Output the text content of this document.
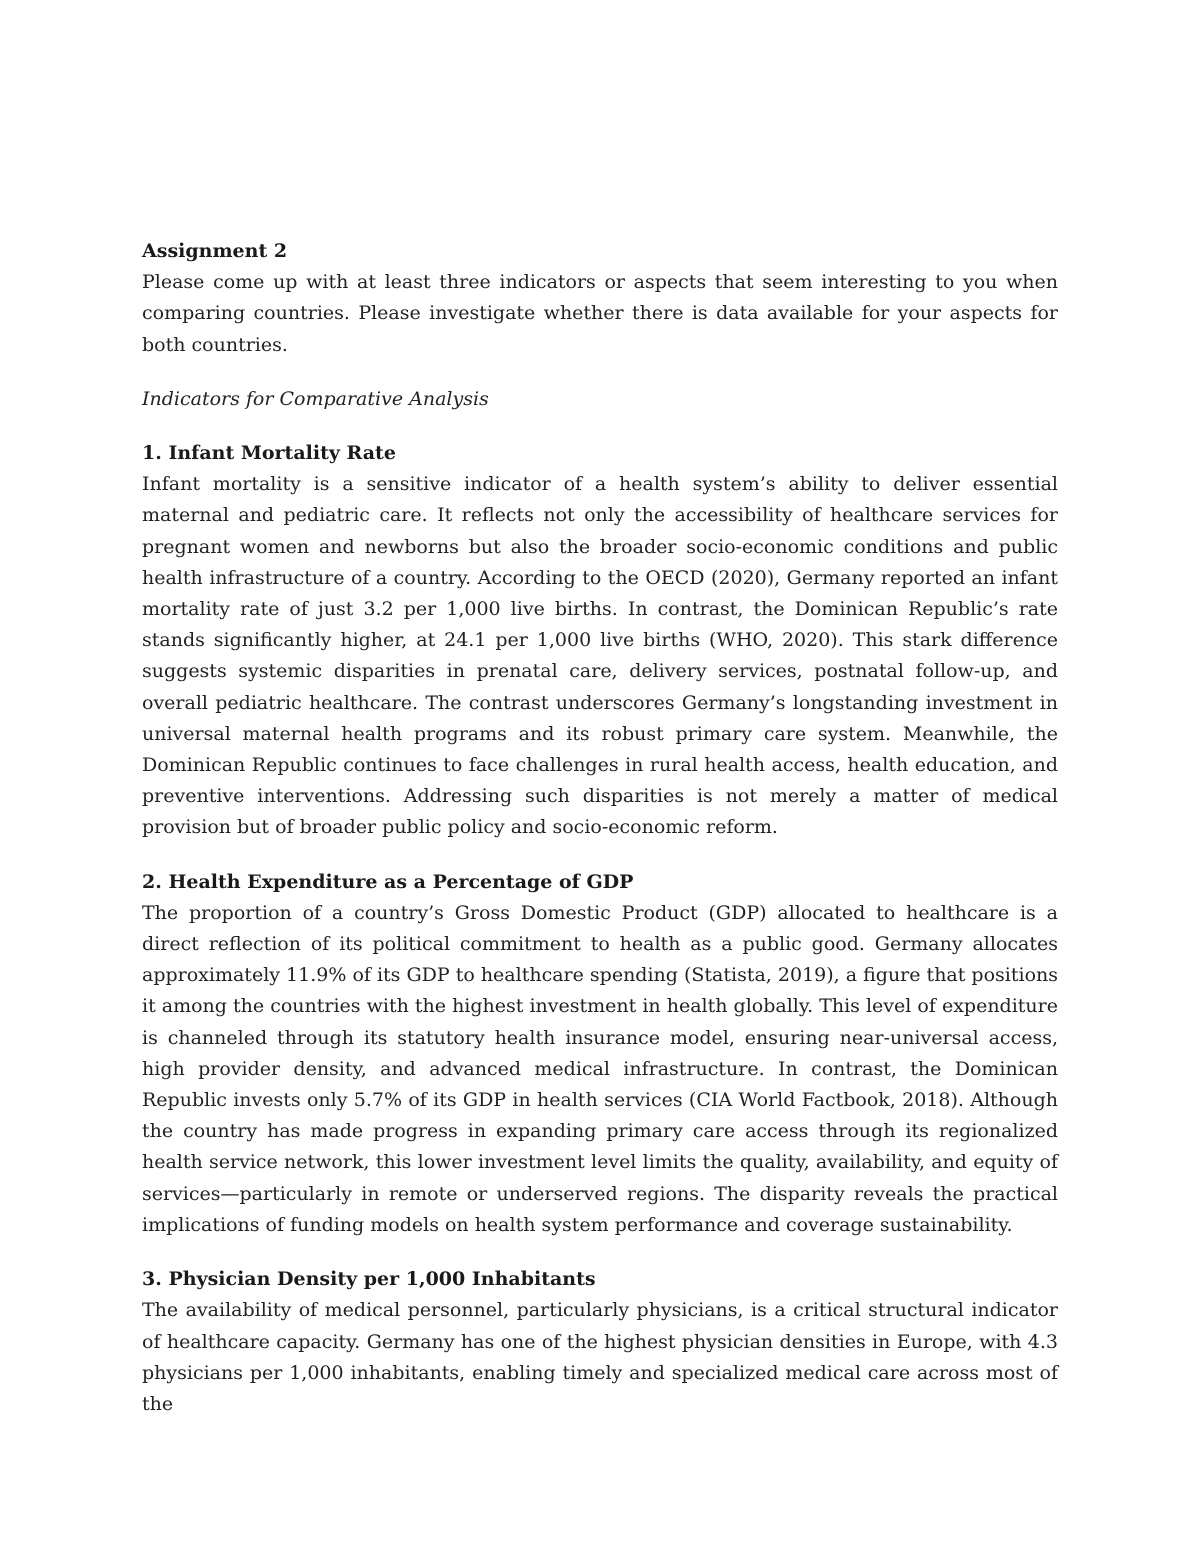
Assignment 2

Please come up with at least three indicators or aspects that seem interesting to you when comparing countries. Please investigate whether there is data available for your aspects for both countries.

Indicators for Comparative Analysis

1. Infant Mortality Rate

Infant mortality is a sensitive indicator of a health system’s ability to deliver essential maternal and pediatric care. It reflects not only the accessibility of healthcare services for pregnant women and newborns but also the broader socio-economic conditions and public health infrastructure of a country. According to the OECD (2020), Germany reported an infant mortality rate of just 3.2 per 1,000 live births. In contrast, the Dominican Republic’s rate stands significantly higher, at 24.1 per 1,000 live births (WHO, 2020). This stark difference suggests systemic disparities in prenatal care, delivery services, postnatal follow-up, and overall pediatric healthcare. The contrast underscores Germany’s longstanding investment in universal maternal health programs and its robust primary care system. Meanwhile, the Dominican Republic continues to face challenges in rural health access, health education, and preventive interventions. Addressing such disparities is not merely a matter of medical provision but of broader public policy and socio-economic reform.

2. Health Expenditure as a Percentage of GDP

The proportion of a country’s Gross Domestic Product (GDP) allocated to healthcare is a direct reflection of its political commitment to health as a public good. Germany allocates approximately 11.9% of its GDP to healthcare spending (Statista, 2019), a figure that positions it among the countries with the highest investment in health globally. This level of expenditure is channeled through its statutory health insurance model, ensuring near-universal access, high provider density, and advanced medical infrastructure. In contrast, the Dominican Republic invests only 5.7% of its GDP in health services (CIA World Factbook, 2018). Although the country has made progress in expanding primary care access through its regionalized health service network, this lower investment level limits the quality, availability, and equity of services—particularly in remote or underserved regions. The disparity reveals the practical implications of funding models on health system performance and coverage sustainability.

3. Physician Density per 1,000 Inhabitants

The availability of medical personnel, particularly physicians, is a critical structural indicator of healthcare capacity. Germany has one of the highest physician densities in Europe, with 4.3 physicians per 1,000 inhabitants, enabling timely and specialized medical care across most of the
